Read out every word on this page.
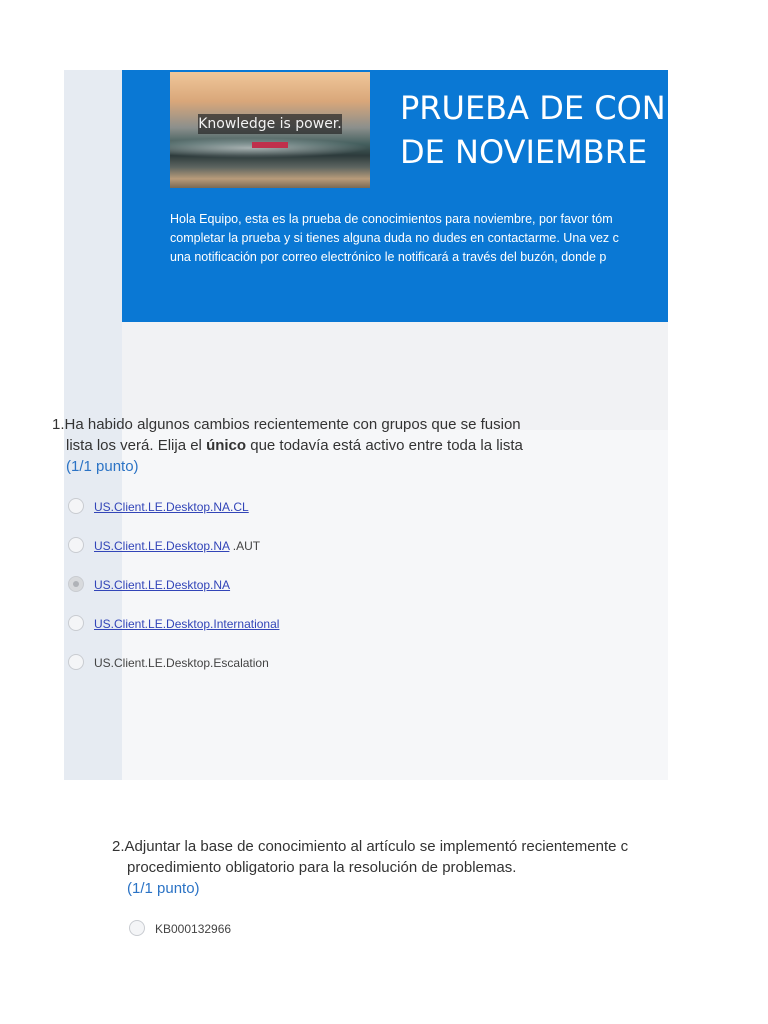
Knowledge is power. PRUEBA DE CON
DE NOVIEMBRE
Hola Equipo, esta es la prueba de conocimientos para noviembre, por favor tóm
completar la prueba y si tienes alguna duda no dudes en contactarme. Una vez c
una notificación por correo electrónico le notificará a través del buzón, donde p
1.Ha habido algunos cambios recientemente con grupos que se fusion
lista los verá. Elija el único que todavía está activo entre toda la lista
(1/1 punto)
US.Client.LE.Desktop.NA.CL
US.Client.LE.Desktop.NA .AUT
US.Client.LE.Desktop.NA
US.Client.LE.Desktop.International
US.Client.LE.Desktop.Escalation
2.Adjuntar la base de conocimiento al artículo se implementó recientemente c
procedimiento obligatorio para la resolución de problemas.
(1/1 punto)
KB000132966
